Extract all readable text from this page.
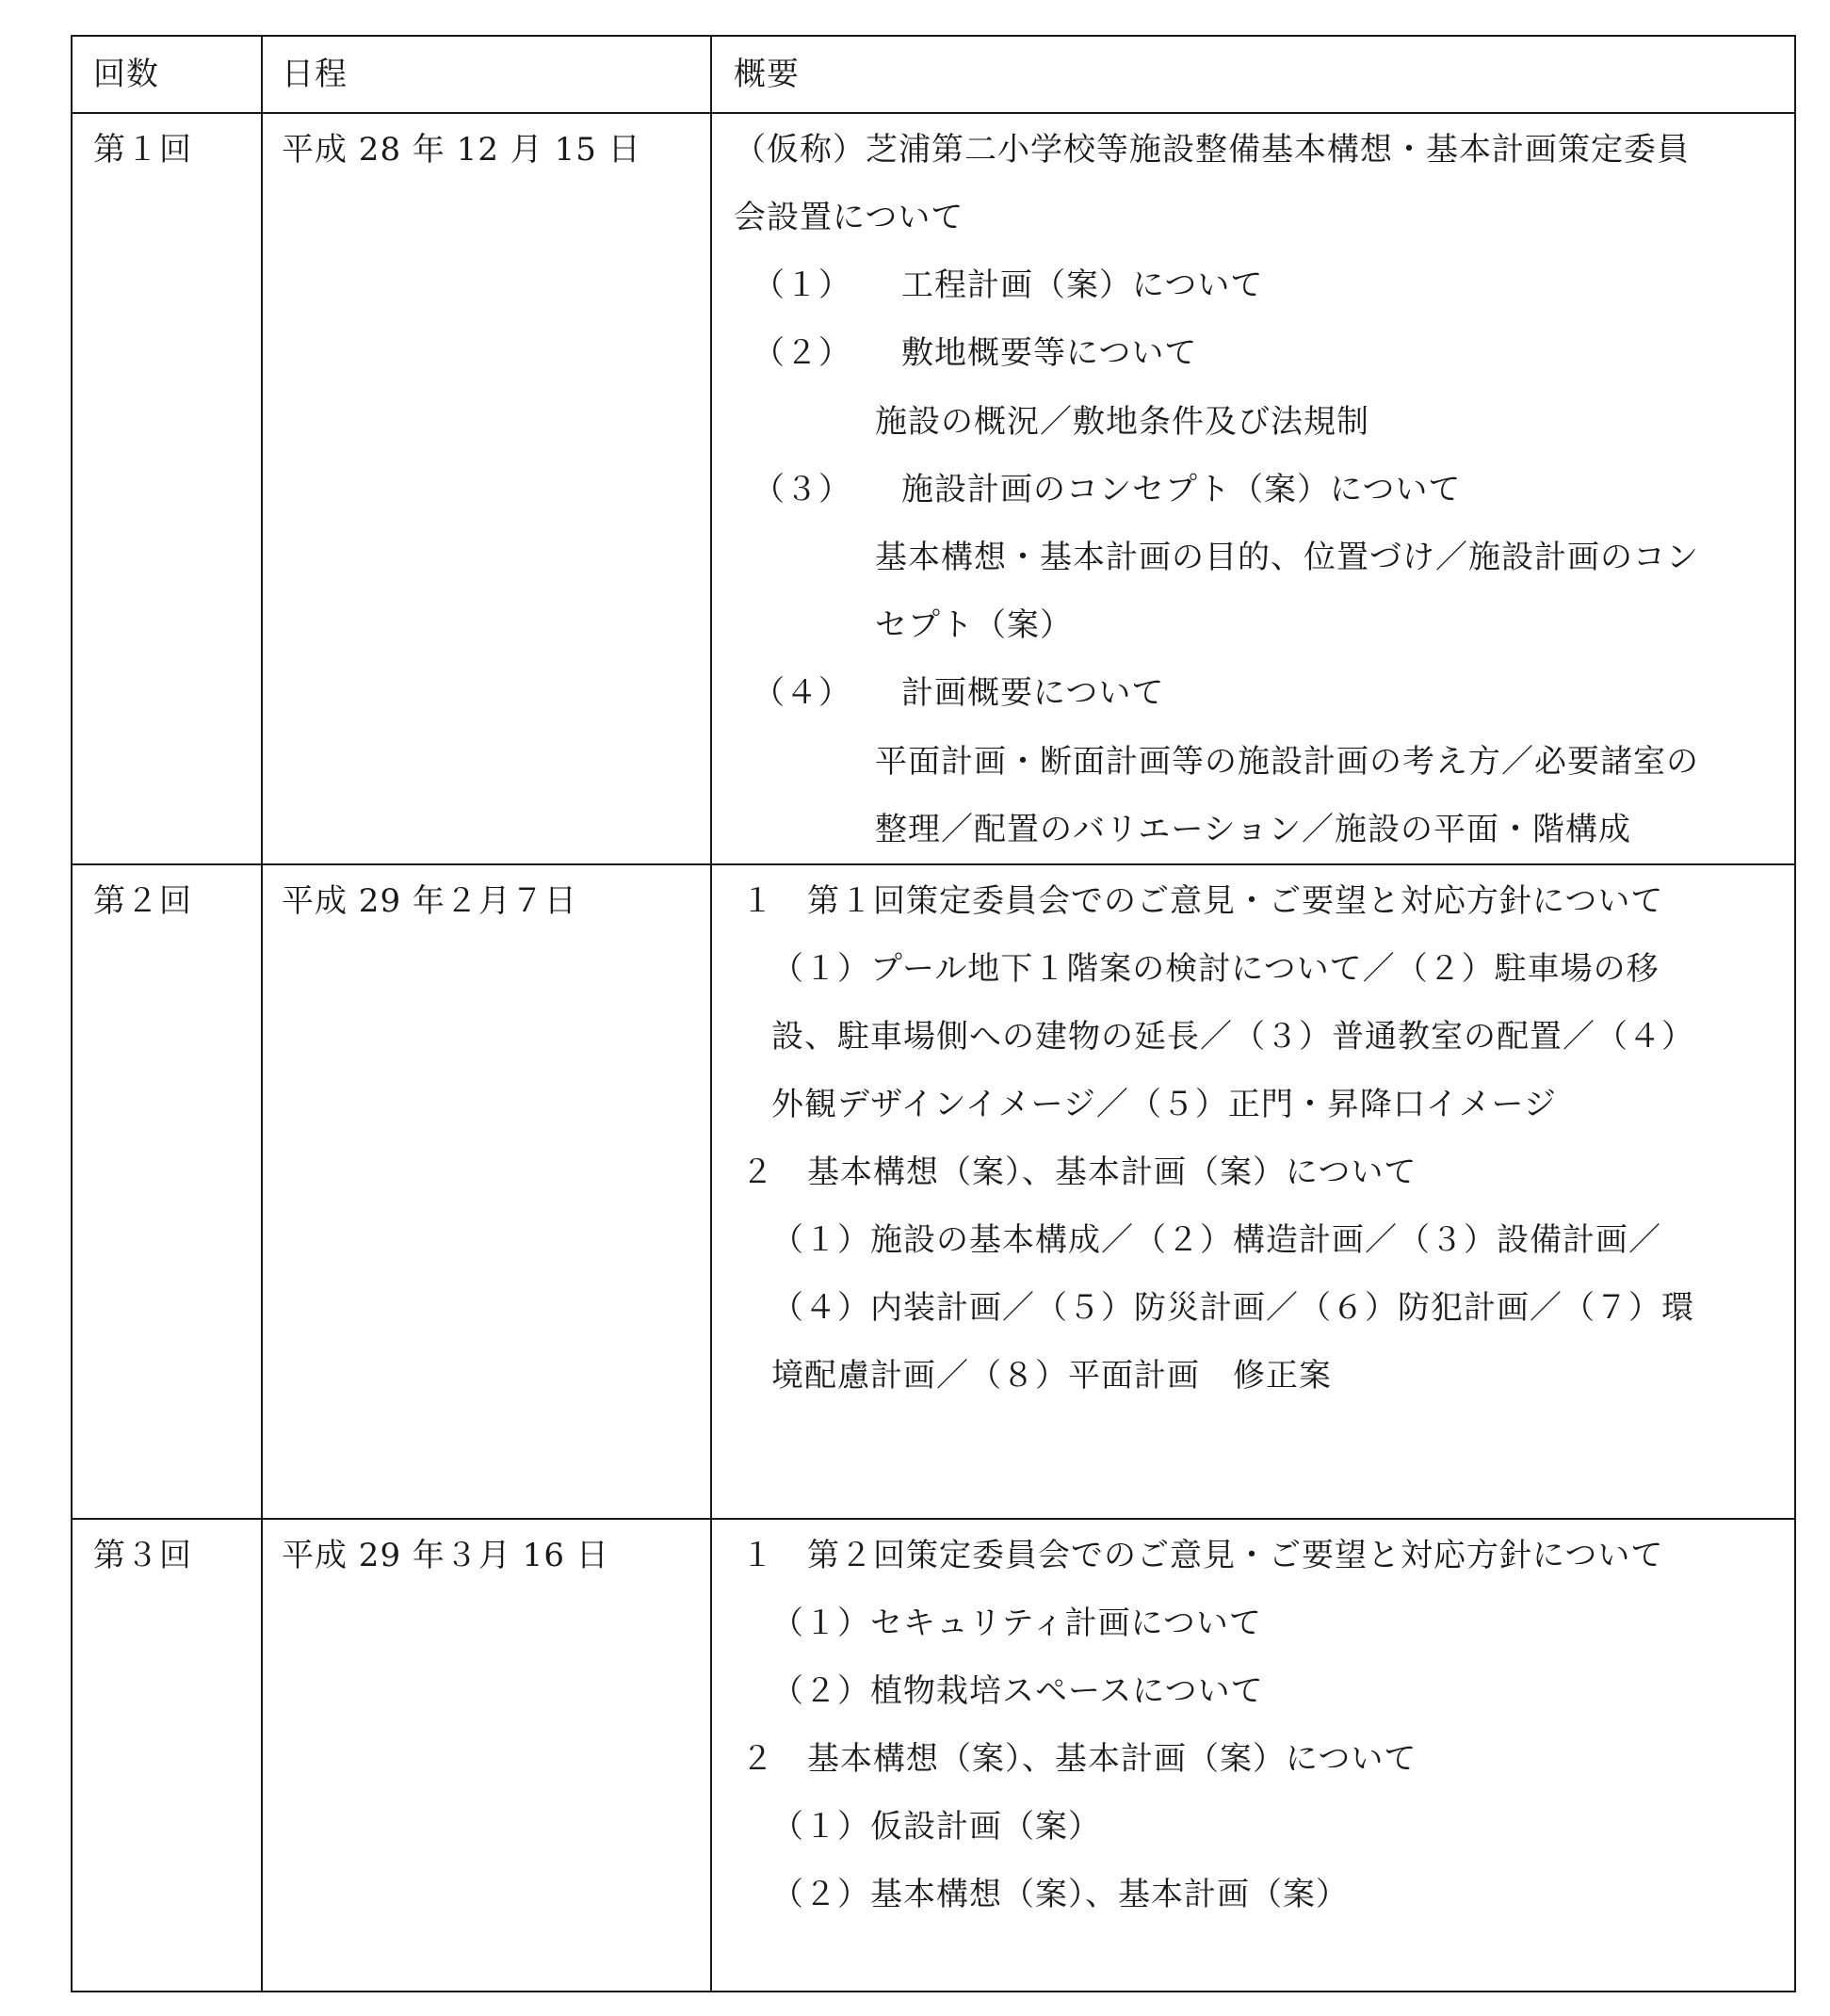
回数	日程	概要
第１回	平成 28 年 12 月 15 日	（仮称）芝浦第二小学校等施設整備基本構想・基本計画策定委員
会設置について
（１）　　工程計画（案）について
（２）　　敷地概要等について
施設の概況／敷地条件及び法規制
（３）　　施設計画のコンセプト（案）について
基本構想・基本計画の目的、位置づけ／施設計画のコン
セプト（案）
（４）　　計画概要について
平面計画・断面計画等の施設計画の考え方／必要諸室の
整理／配置のバリエーション／施設の平面・階構成
第２回	平成 29 年２月７日	１　第１回策定委員会でのご意見・ご要望と対応方針について
（１）プール地下１階案の検討について／（２）駐車場の移
設、駐車場側への建物の延長／（３）普通教室の配置／（４）
外観デザインイメージ／（５）正門・昇降口イメージ
２　基本構想（案）、基本計画（案）について
（１）施設の基本構成／（２）構造計画／（３）設備計画／
（４）内装計画／（５）防災計画／（６）防犯計画／（７）環
境配慮計画／（８）平面計画　修正案
第３回	平成 29 年３月 16 日	１　第２回策定委員会でのご意見・ご要望と対応方針について
（１）セキュリティ計画について
（２）植物栽培スペースについて
２　基本構想（案）、基本計画（案）について
（１）仮設計画（案）
（２）基本構想（案）、基本計画（案）
